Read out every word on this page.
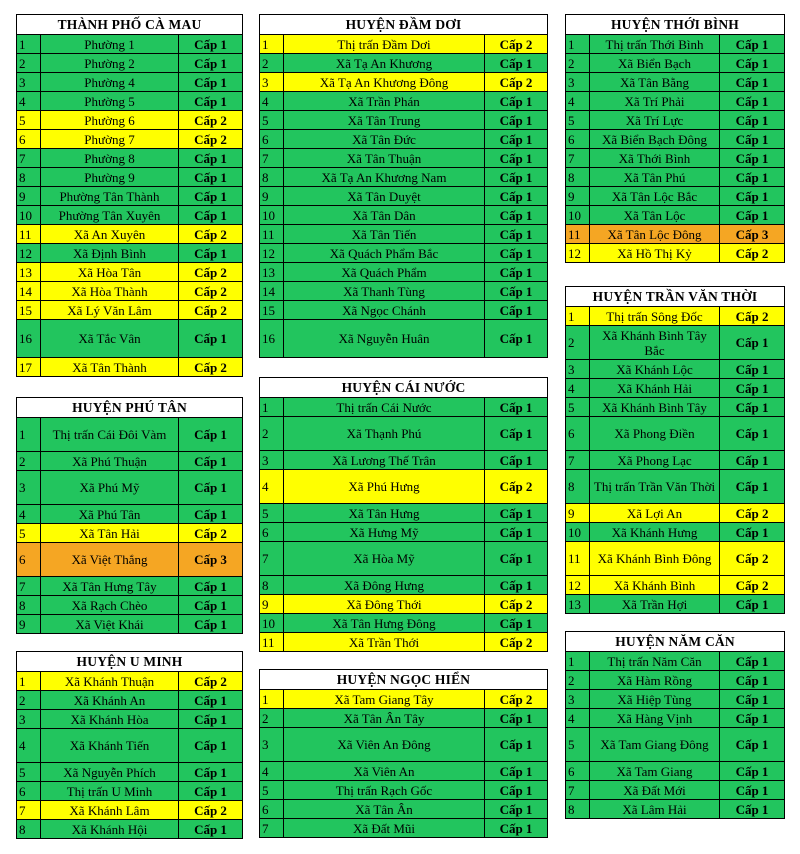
THÀNH PHỐ CÀ MAU		
1	Phường 1	Cấp 1
2	Phường 2	Cấp 1
3	Phường 4	Cấp 1
4	Phường 5	Cấp 1
5	Phường 6	Cấp 2
6	Phường 7	Cấp 2
7	Phường 8	Cấp 1
8	Phường 9	Cấp 1
9	Phường Tân Thành	Cấp 1
10	Phường Tân Xuyên	Cấp 1
11	Xã An Xuyên	Cấp 2
12	Xã Định Bình	Cấp 1
13	Xã Hòa Tân	Cấp 2
14	Xã Hòa Thành	Cấp 2
15	Xã Lý Văn Lâm	Cấp 2
16	Xã Tắc Vân	Cấp 1
17	Xã Tân Thành	Cấp 2
HUYỆN PHÚ TÂN		
1	Thị trấn Cái Đôi Vàm	Cấp 1
2	Xã Phú Thuận	Cấp 1
3	Xã Phú Mỹ	Cấp 1
4	Xã Phú Tân	Cấp 1
5	Xã Tân Hải	Cấp 2
6	Xã Việt Thắng	Cấp 3
7	Xã Tân Hưng Tây	Cấp 1
8	Xã Rạch Chèo	Cấp 1
9	Xã Việt Khái	Cấp 1
HUYỆN U MINH		
1	Xã Khánh Thuận	Cấp 2
2	Xã Khánh An	Cấp 1
3	Xã Khánh Hòa	Cấp 1
4	Xã Khánh Tiến	Cấp 1
5	Xã Nguyễn Phích	Cấp 1
6	Thị trấn U Minh	Cấp 1
7	Xã Khánh Lâm	Cấp 2
8	Xã Khánh Hội	Cấp 1
HUYỆN ĐẦM DƠI		
1	Thị trấn Đầm Dơi	Cấp 2
2	Xã Tạ An Khương	Cấp 1
3	Xã Tạ An Khương Đông	Cấp 2
4	Xã Trần Phán	Cấp 1
5	Xã Tân Trung	Cấp 1
6	Xã Tân Đức	Cấp 1
7	Xã Tân Thuận	Cấp 1
8	Xã Tạ An Khương Nam	Cấp 1
9	Xã Tân Duyệt	Cấp 1
10	Xã Tân Dân	Cấp 1
11	Xã Tân Tiến	Cấp 1
12	Xã Quách Phẩm Bắc	Cấp 1
13	Xã Quách Phẩm	Cấp 1
14	Xã Thanh Tùng	Cấp 1
15	Xã Ngọc Chánh	Cấp 1
16	Xã Nguyễn Huân	Cấp 1
HUYỆN CÁI NƯỚC		
1	Thị trấn Cái Nước	Cấp 1
2	Xã Thạnh Phú	Cấp 1
3	Xã Lương Thế Trân	Cấp 1
4	Xã Phú Hưng	Cấp 2
5	Xã Tân Hưng	Cấp 1
6	Xã Hưng Mỹ	Cấp 1
7	Xã Hòa Mỹ	Cấp 1
8	Xã Đông Hưng	Cấp 1
9	Xã Đông Thới	Cấp 2
10	Xã Tân Hưng Đông	Cấp 1
11	Xã Trần Thới	Cấp 2
HUYỆN NGỌC HIỂN		
1	Xã Tam Giang Tây	Cấp 2
2	Xã Tân Ân Tây	Cấp 1
3	Xã Viên An Đông	Cấp 1
4	Xã Viên An	Cấp 1
5	Thị trấn Rạch Gốc	Cấp 1
6	Xã Tân Ân	Cấp 1
7	Xã Đất Mũi	Cấp 1
HUYỆN THỚI BÌNH		
1	Thị trấn Thới Bình	Cấp 1
2	Xã Biển Bạch	Cấp 1
3	Xã Tân Bằng	Cấp 1
4	Xã Trí Phải	Cấp 1
5	Xã Trí Lực	Cấp 1
6	Xã Biển Bạch Đông	Cấp 1
7	Xã Thới Bình	Cấp 1
8	Xã Tân Phú	Cấp 1
9	Xã Tân Lộc Bắc	Cấp 1
10	Xã Tân Lộc	Cấp 1
11	Xã Tân Lộc Đông	Cấp 3
12	Xã Hồ Thị Kỷ	Cấp 2
HUYỆN TRẦN VĂN THỜI		
1	Thị trấn Sông Đốc	Cấp 2
2	Xã Khánh Bình Tây Bắc	Cấp 1
3	Xã Khánh Lộc	Cấp 1
4	Xã Khánh Hải	Cấp 1
5	Xã Khánh Bình Tây	Cấp 1
6	Xã Phong Điền	Cấp 1
7	Xã Phong Lạc	Cấp 1
8	Thị trấn Trần Văn Thời	Cấp 1
9	Xã Lợi An	Cấp 2
10	Xã Khánh Hưng	Cấp 1
11	Xã Khánh Bình Đông	Cấp 2
12	Xã Khánh Bình	Cấp 2
13	Xã Trần Hợi	Cấp 1
HUYỆN NĂM CĂN		
1	Thị trấn Năm Căn	Cấp 1
2	Xã Hàm Rồng	Cấp 1
3	Xã Hiệp Tùng	Cấp 1
4	Xã Hàng Vịnh	Cấp 1
5	Xã Tam Giang Đông	Cấp 1
6	Xã Tam Giang	Cấp 1
7	Xã Đất Mới	Cấp 1
8	Xã Lâm Hải	Cấp 1
